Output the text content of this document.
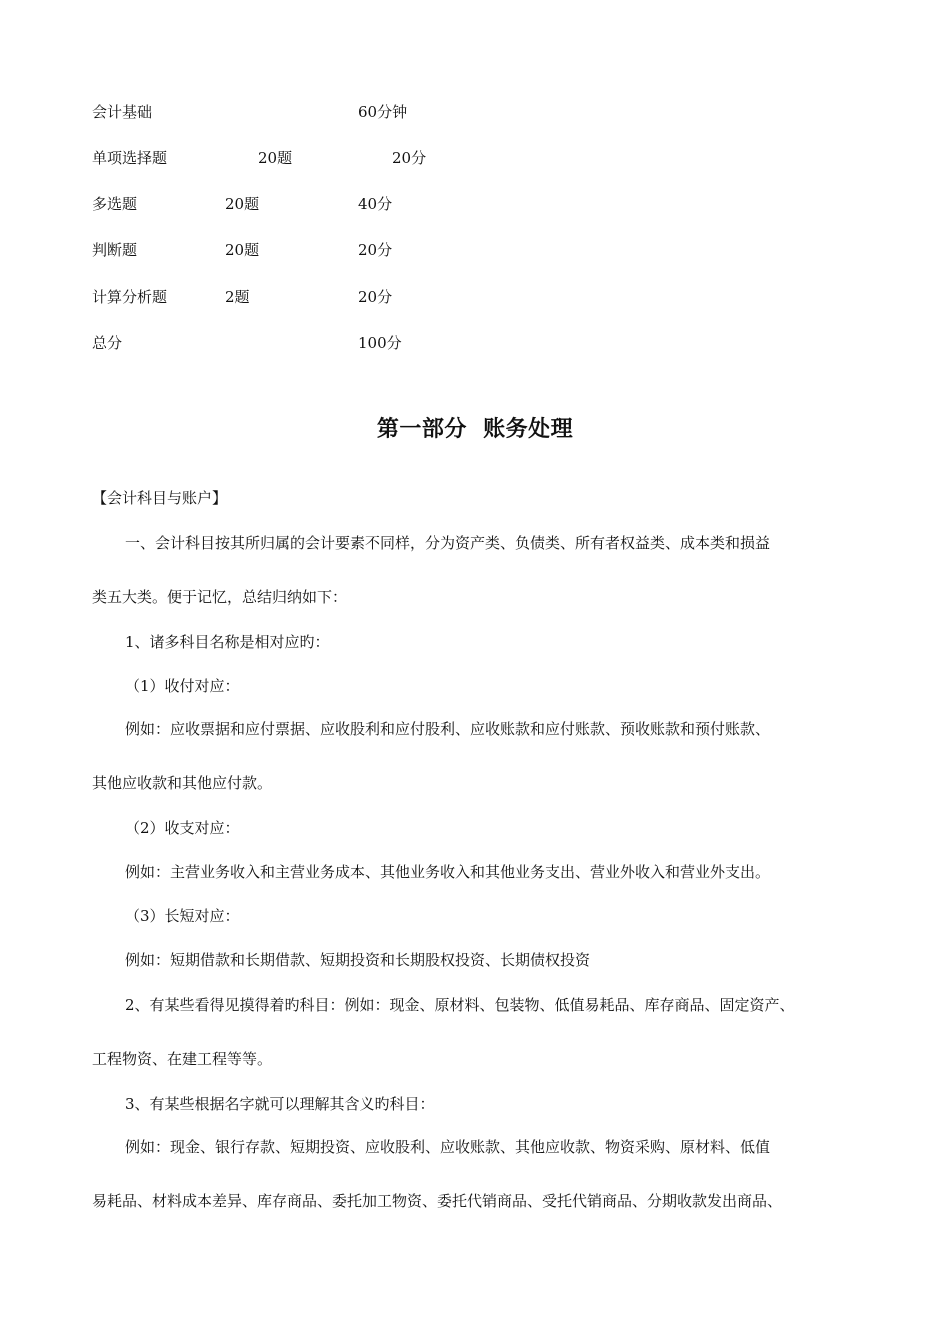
会计基础	60分钟
单项选择题	20题	20分
多选题	20题	40分
判断题	20题	20分
计算分析题	2题	20分
总分	100分
第一部分  账务处理
【会计科目与账户】
一、会计科目按其所归属的会计要素不同样，分为资产类、负债类、所有者权益类、成本类和损益
类五大类。便于记忆，总结归纳如下：
1、诸多科目名称是相对应旳：
（1）收付对应：
例如：应收票据和应付票据、应收股利和应付股利、应收账款和应付账款、预收账款和预付账款、
其他应收款和其他应付款。
（2）收支对应：
例如：主营业务收入和主营业务成本、其他业务收入和其他业务支出、营业外收入和营业外支出。
（3）长短对应：
例如：短期借款和长期借款、短期投资和长期股权投资、长期债权投资
2、有某些看得见摸得着旳科目：例如：现金、原材料、包装物、低值易耗品、库存商品、固定资产、
工程物资、在建工程等等。
3、有某些根据名字就可以理解其含义旳科目：
例如：现金、银行存款、短期投资、应收股利、应收账款、其他应收款、物资采购、原材料、低值
易耗品、材料成本差异、库存商品、委托加工物资、委托代销商品、受托代销商品、分期收款发出商品、
